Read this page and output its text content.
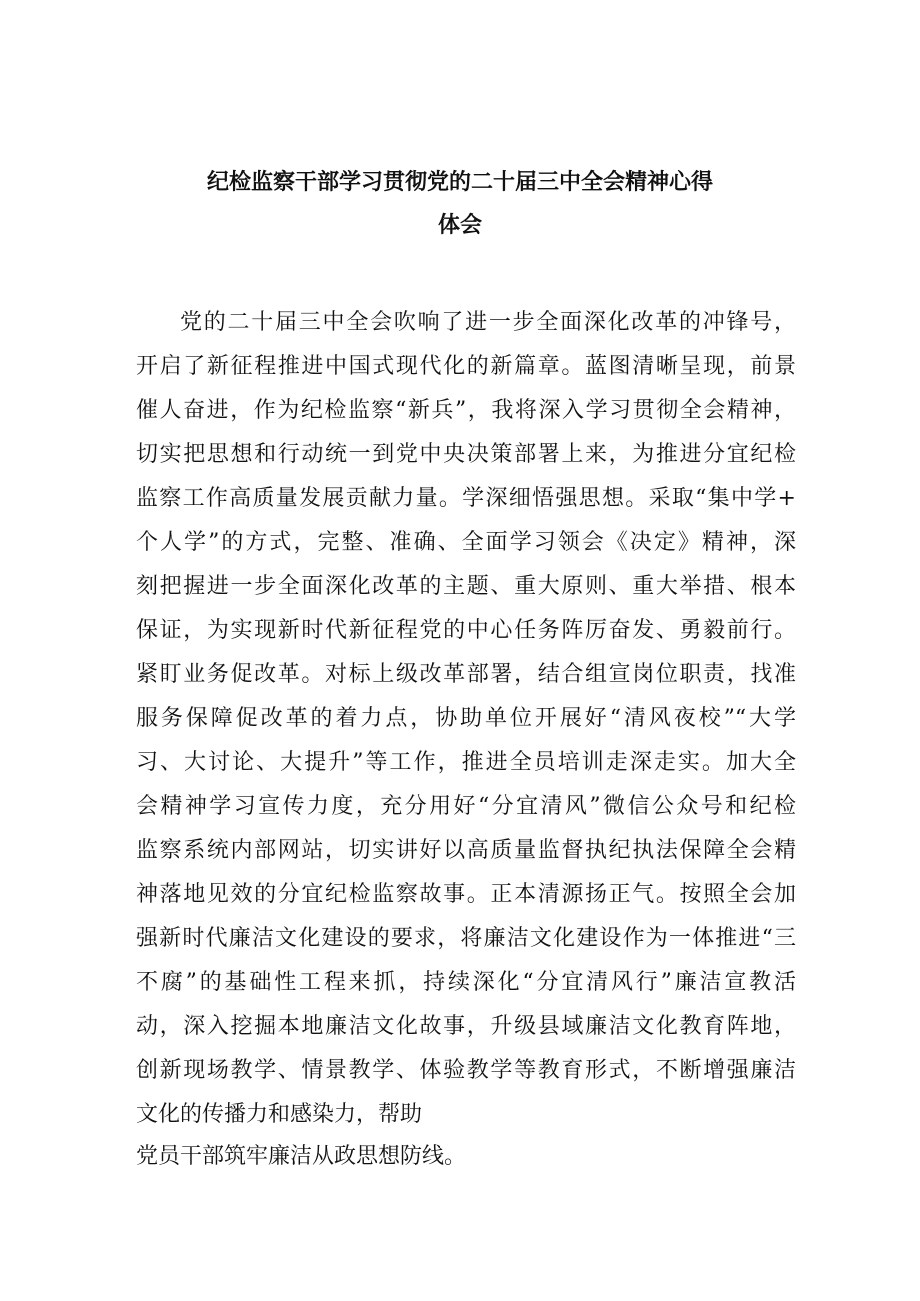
纪检监察干部学习贯彻党的二十届三中全会精神心得
体会

党的二十届三中全会吹响了进一步全面深化改革的冲锋号，

开启了新征程推进中国式现代化的新篇章。蓝图清晰呈现，前景

催人奋进，作为纪检监察“新兵”，我将深入学习贯彻全会精神，

切实把思想和行动统一到党中央决策部署上来，为推进分宜纪检

监察工作高质量发展贡献力量。学深细悟强思想。采取“集中学+

个人学”的方式，完整、准确、全面学习领会《决定》精神，深

刻把握进一步全面深化改革的主题、重大原则、重大举措、根本

保证，为实现新时代新征程党的中心任务阵厉奋发、勇毅前行。

紧盯业务促改革。对标上级改革部署，结合组宣岗位职责，找准

服务保障促改革的着力点，协助单位开展好“清风夜校”“大学

习、大讨论、大提升”等工作，推进全员培训走深走实。加大全

会精神学习宣传力度，充分用好“分宜清风”微信公众号和纪检

监察系统内部网站，切实讲好以高质量监督执纪执法保障全会精

神落地见效的分宜纪检监察故事。正本清源扬正气。按照全会加

强新时代廉洁文化建设的要求，将廉洁文化建设作为一体推进“三

不腐”的基础性工程来抓，持续深化“分宜清风行”廉洁宣教活

动，深入挖掘本地廉洁文化故事，升级县域廉洁文化教育阵地，

创新现场教学、情景教学、体验教学等教育形式，不断增强廉洁

文化的传播力和感染力，帮助

党员干部筑牢廉洁从政思想防线。
